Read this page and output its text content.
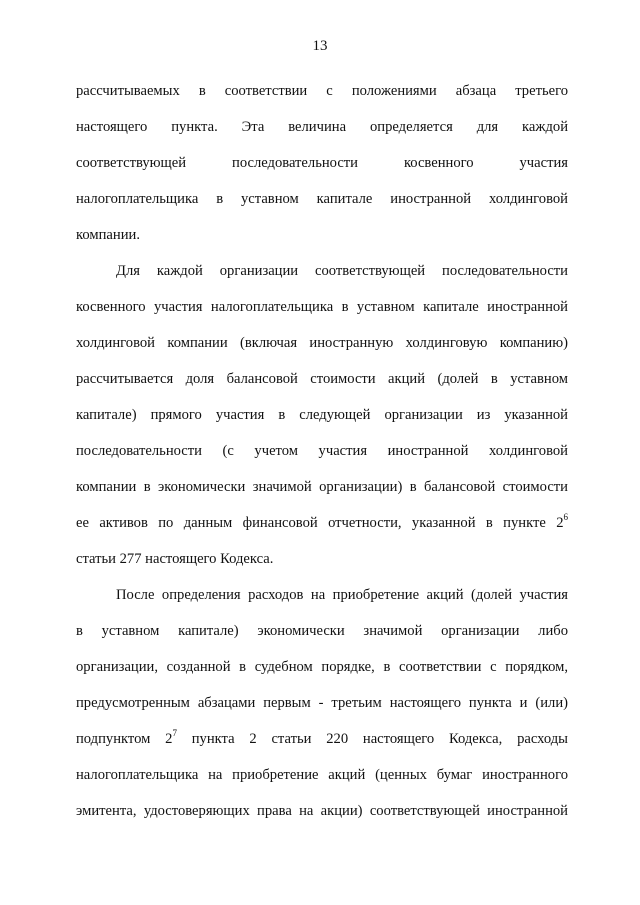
13
рассчитываемых в соответствии с положениями абзаца третьего
настоящего пункта. Эта величина определяется для каждой
соответствующей последовательности косвенного участия
налогоплательщика в уставном капитале иностранной холдинговой
компании.
Для каждой организации соответствующей последовательности
косвенного участия налогоплательщика в уставном капитале иностранной
холдинговой компании (включая иностранную холдинговую компанию)
рассчитывается доля балансовой стоимости акций (долей в уставном
капитале) прямого участия в следующей организации из указанной
последовательности (с учетом участия иностранной холдинговой
компании в экономически значимой организации) в балансовой стоимости
ее активов по данным финансовой отчетности, указанной в пункте $2^6$
статьи 277 настоящего Кодекса.
После определения расходов на приобретение акций (долей участия
в уставном капитале) экономически значимой организации либо
организации, созданной в судебном порядке, в соответствии с порядком,
предусмотренным абзацами первым - третьим настоящего пункта и (или)
подпунктом $2^7$ пункта 2 статьи 220 настоящего Кодекса, расходы
налогоплательщика на приобретение акций (ценных бумаг иностранного
эмитента, удостоверяющих права на акции) соответствующей иностранной
